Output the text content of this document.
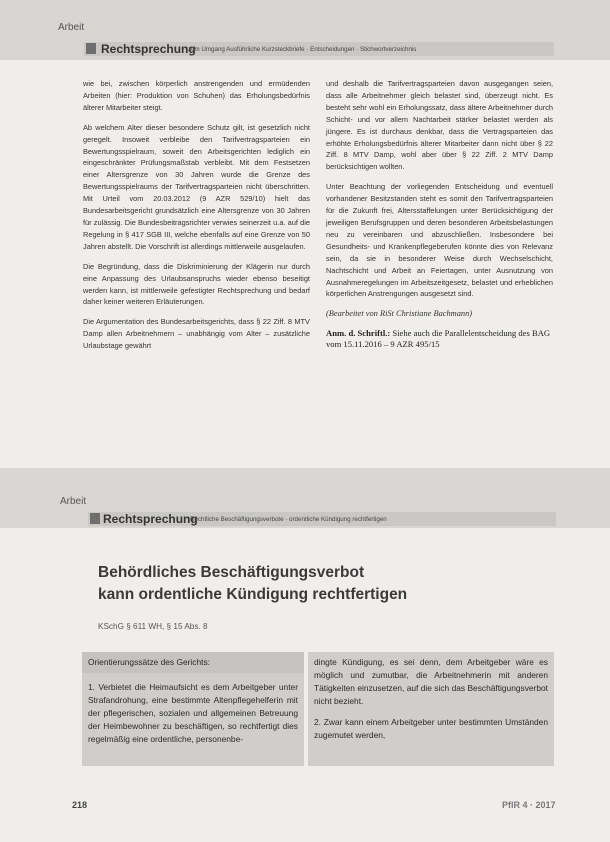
Arbeit
Rechtsprechung
zum Umgang Ausführliche Kurzsteckbriefe · Entscheidungen · Stichwortverzeichnis

wie bei, zwischen körperlich anstrengenden und ermüdenden Arbeiten (hier: Produktion von Schuhen) das Erholungsbedürfnis älterer Mitarbeiter steigt.

Ab welchem Alter dieser besondere Schutz gilt, ist gesetzlich nicht geregelt. Insoweit verbleibe den Tarifvertragsparteien ein Bewertungsspielraum, soweit den Arbeitsgerichten lediglich ein eingeschränkter Prüfungsmaßstab verbleibt. Mit dem Festsetzen einer Altersgrenze von 30 Jahren wurde die Grenze des Bewertungsspielraums der Tarifvertragsparteien nicht überschritten. Mit Urteil vom 20.03.2012 (9 AZR 529/10) hielt das Bundesarbeitsgericht grundsätzlich eine Altersgrenze von 30 Jahren für zulässig. Die Bundesbeitragsrichter verwies seinerzeit u.a. auf die Regelung in § 417 SGB III, welche ebenfalls auf eine Grenze von 50 Jahren abstellt. Die Vorschrift ist allerdings mittlerweile ausgelaufen.

Die Begründung, dass die Diskriminierung der Klägerin nur durch eine Anpassung des Urlaubsanspruchs wieder ebenso beseitigt werden kann, ist mittlerweile gefestigter Rechtsprechung und bedarf daher keiner weiteren Erläuterungen.

Die Argumentation des Bundesarbeitsgerichts, dass § 22 Ziff. 8 MTV Damp allen Arbeitnehmern – unabhängig vom Alter – zusätzliche Urlaubstage gewährt

und deshalb die Tarifvertragsparteien davon ausgegangen seien, dass alle Arbeitnehmer gleich belastet sind, überzeugt nicht. Es besteht sehr wohl ein Erholungssatz, dass ältere Arbeitnehmer durch Schicht- und vor allem Nachtarbeit stärker belastet werden als jüngere. Es ist durchaus denkbar, dass die Vertragsparteien das erhöhte Erholungsbedürfnis älterer Mitarbeiter dann nicht über § 22 Ziff. 8 MTV Damp, wohl aber über § 22 Ziff. 2 MTV Damp berücksichtigen wollten.

Unter Beachtung der vorliegenden Entscheidung und eventuell vorhandener Besitzstanden steht es somit den Tarifvertragsparteien für die Zukunft frei, Altersstaffelungen unter Berücksichtigung der jeweiligen Berufsgruppen und deren besonderen Arbeitsbelastungen neu zu vereinbaren und abzuschließen. Insbesondere bei Gesundheits- und Krankenpflegeberufen könnte dies von Relevanz sein, da sie in besonderer Weise durch Wechselschicht, Nachtschicht und Arbeit an Feiertagen, unter Ausnutzung von Ausnahmeregelungen im Arbeitszeitgesetz, belastet und erheblichen körperlichen Anstrengungen ausgesetzt sind.

(Bearbeitet von RiSt Christiane Bachmann)
Anm. d. Schriftl.: Siehe auch die Parallelentscheidung des BAG vom 15.11.2016 – 9 AZR 495/15
Arbeit
Rechtsprechung
Rechtliche Beschäftigungsverbote · ordentliche Kündigung rechtfertigen
Behördliches Beschäftigungsverbot
kann ordentliche Kündigung rechtfertigen
KSchG § 611 WH, § 15 Abs. 8
Orientierungssätze des Gerichts:

1. Verbietet die Heimaufsicht es dem Arbeitgeber unter Strafandrohung, eine bestimmte Altenpflegehelferin mit der pflegerischen, sozialen und allgemeinen Betreuung der Heimbewohner zu beschäftigen, so rechtfertigt dies regelmäßig eine ordentliche, personenbe-

dingte Kündigung, es sei denn, dem Arbeitgeber wäre es möglich und zumutbar, die Arbeitnehmerin mit anderen Tätigkeiten einzusetzen, auf die sich das Beschäftigungsverbot nicht bezieht.

2. Zwar kann einem Arbeitgeber unter bestimmten Umständen zugemutet werden,

218	PflR 4 · 2017
